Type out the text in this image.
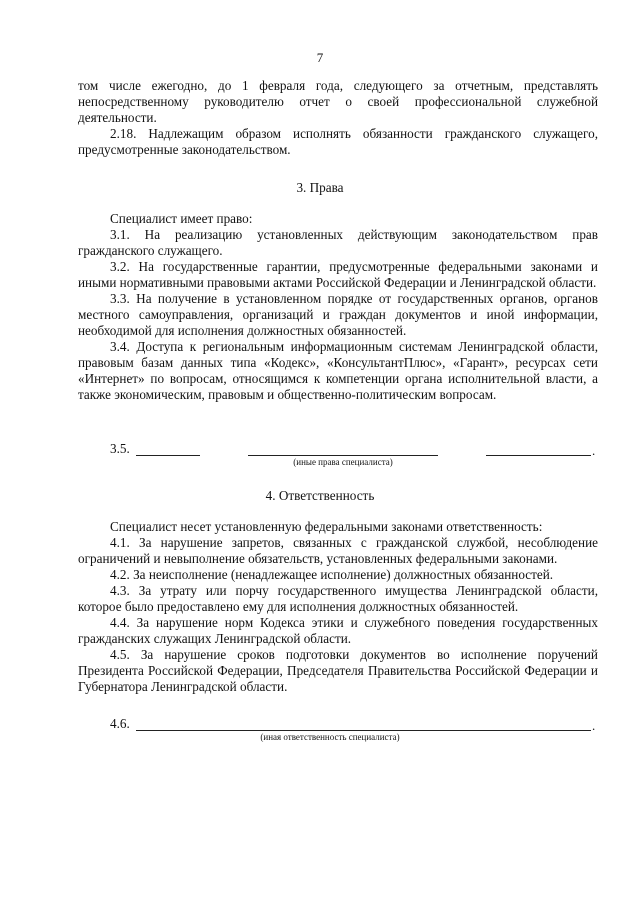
7

том числе ежегодно, до 1 февраля года, следующего за отчетным, представлять непосредственному руководителю отчет о своей профессиональной служебной деятельности.

2.18. Надлежащим образом исполнять обязанности гражданского служащего, предусмотренные законодательством.

3. Права

Специалист имеет право:

3.1. На реализацию установленных действующим законодательством прав гражданского служащего.

3.2. На государственные гарантии, предусмотренные федеральными законами и иными нормативными правовыми актами Российской Федерации и Ленинградской области.

3.3. На получение в установленном порядке от государственных органов, органов местного самоуправления, организаций и граждан документов и иной информации, необходимой для исполнения должностных обязанностей.

3.4. Доступа к региональным информационным системам Ленинградской области, правовым базам данных типа «Кодекс», «КонсультантПлюс», «Гарант», ресурсах сети «Интернет» по вопросам, относящимся к компетенции органа исполнительной власти, а также экономическим, правовым и общественно-политическим вопросам.

3.5.	.
(иные права специалиста)
4. Ответственность

Специалист несет установленную федеральными законами ответственность:

4.1. За нарушение запретов, связанных с гражданской службой, несоблюдение ограничений и невыполнение обязательств, установленных федеральными законами.

4.2. За неисполнение (ненадлежащее исполнение) должностных обязанностей.

4.3. За утрату или порчу государственного имущества Ленинградской области, которое было предоставлено ему для исполнения должностных обязанностей.

4.4. За нарушение норм Кодекса этики и служебного поведения государственных гражданских служащих Ленинградской области.

4.5. За нарушение сроков подготовки документов во исполнение поручений Президента Российской Федерации, Председателя Правительства Российской Федерации и Губернатора Ленинградской области.

4.6.	.
(иная ответственность специалиста)
